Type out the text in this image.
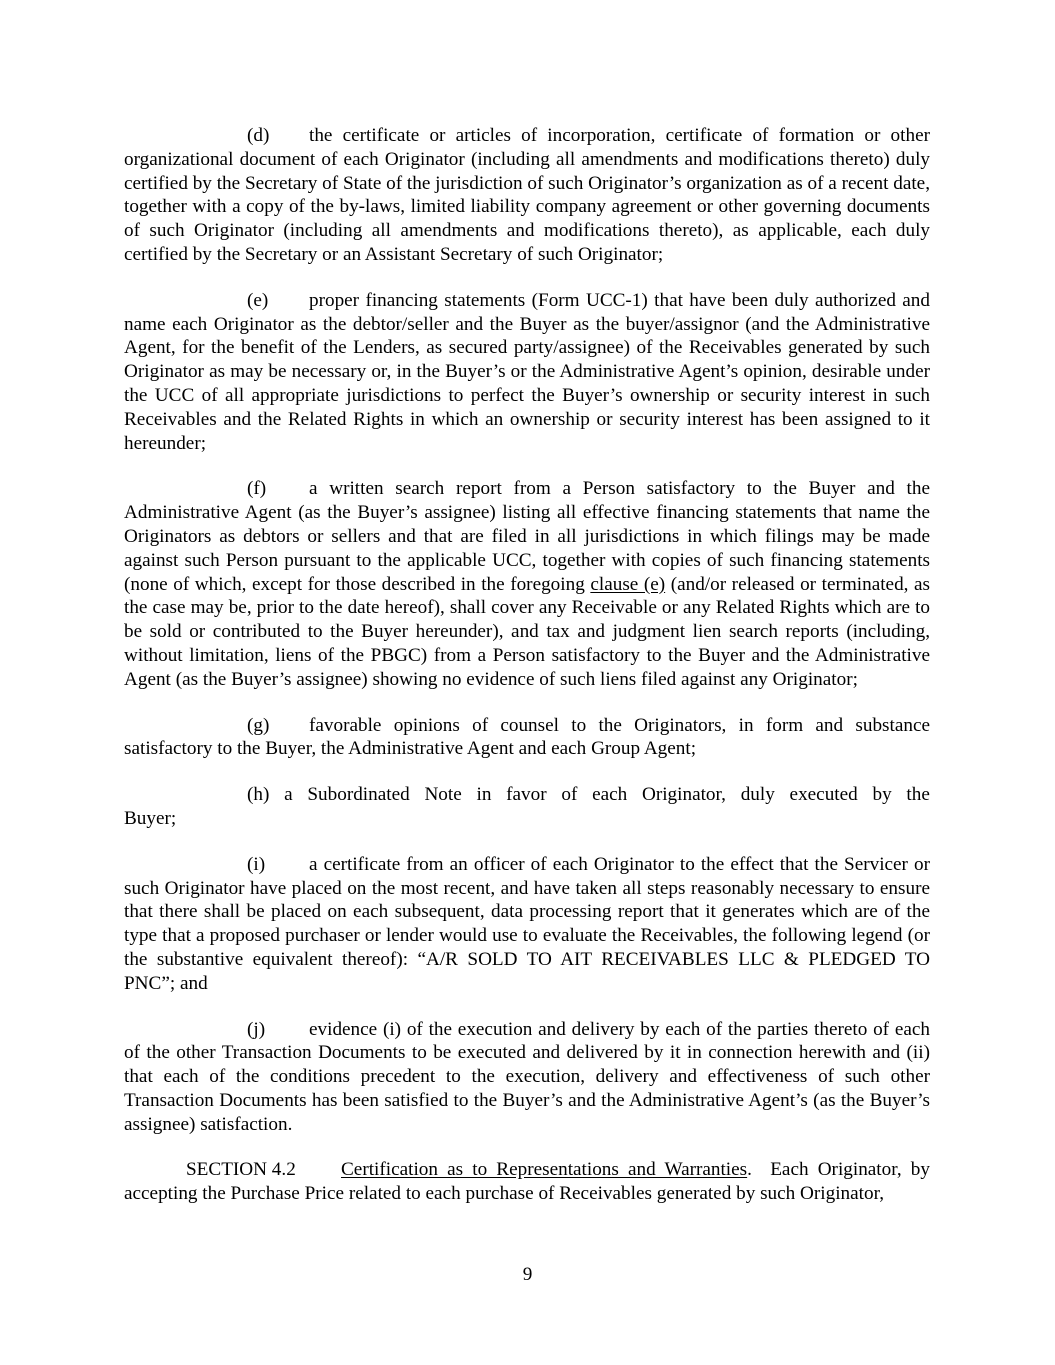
(d) the certificate or articles of incorporation, certificate of formation or other organizational document of each Originator (including all amendments and modifications thereto) duly certified by the Secretary of State of the jurisdiction of such Originator’s organization as of a recent date, together with a copy of the by-laws, limited liability company agreement or other governing documents of such Originator (including all amendments and modifications thereto), as applicable, each duly certified by the Secretary or an Assistant Secretary of such Originator;

(e) proper financing statements (Form UCC-1) that have been duly authorized and name each Originator as the debtor/seller and the Buyer as the buyer/assignor (and the Administrative Agent, for the benefit of the Lenders, as secured party/assignee) of the Receivables generated by such Originator as may be necessary or, in the Buyer’s or the Administrative Agent’s opinion, desirable under the UCC of all appropriate jurisdictions to perfect the Buyer’s ownership or security interest in such Receivables and the Related Rights in which an ownership or security interest has been assigned to it hereunder;

(f) a written search report from a Person satisfactory to the Buyer and the Administrative Agent (as the Buyer’s assignee) listing all effective financing statements that name the Originators as debtors or sellers and that are filed in all jurisdictions in which filings may be made against such Person pursuant to the applicable UCC, together with copies of such financing statements (none of which, except for those described in the foregoing clause (e) (and/or released or terminated, as the case may be, prior to the date hereof), shall cover any Receivable or any Related Rights which are to be sold or contributed to the Buyer hereunder), and tax and judgment lien search reports (including, without limitation, liens of the PBGC) from a Person satisfactory to the Buyer and the Administrative Agent (as the Buyer’s assignee) showing no evidence of such liens filed against any Originator;

(g) favorable opinions of counsel to the Originators, in form and substance satisfactory to the Buyer, the Administrative Agent and each Group Agent;

(h) a Subordinated Note in favor of each Originator, duly executed by the
Buyer;

(i) a certificate from an officer of each Originator to the effect that the Servicer or such Originator have placed on the most recent, and have taken all steps reasonably necessary to ensure that there shall be placed on each subsequent, data processing report that it generates which are of the type that a proposed purchaser or lender would use to evaluate the Receivables, the following legend (or the substantive equivalent thereof): “A/R SOLD TO AIT RECEIVABLES LLC & PLEDGED TO PNC”; and

(j) evidence (i) of the execution and delivery by each of the parties thereto of each of the other Transaction Documents to be executed and delivered by it in connection herewith and (ii) that each of the conditions precedent to the execution, delivery and effectiveness of such other Transaction Documents has been satisfied to the Buyer’s and the Administrative Agent’s (as the Buyer’s assignee) satisfaction.

SECTION 4.2 Certification as to Representations and Warranties.  Each Originator, by accepting the Purchase Price related to each purchase of Receivables generated by such Originator,

9
